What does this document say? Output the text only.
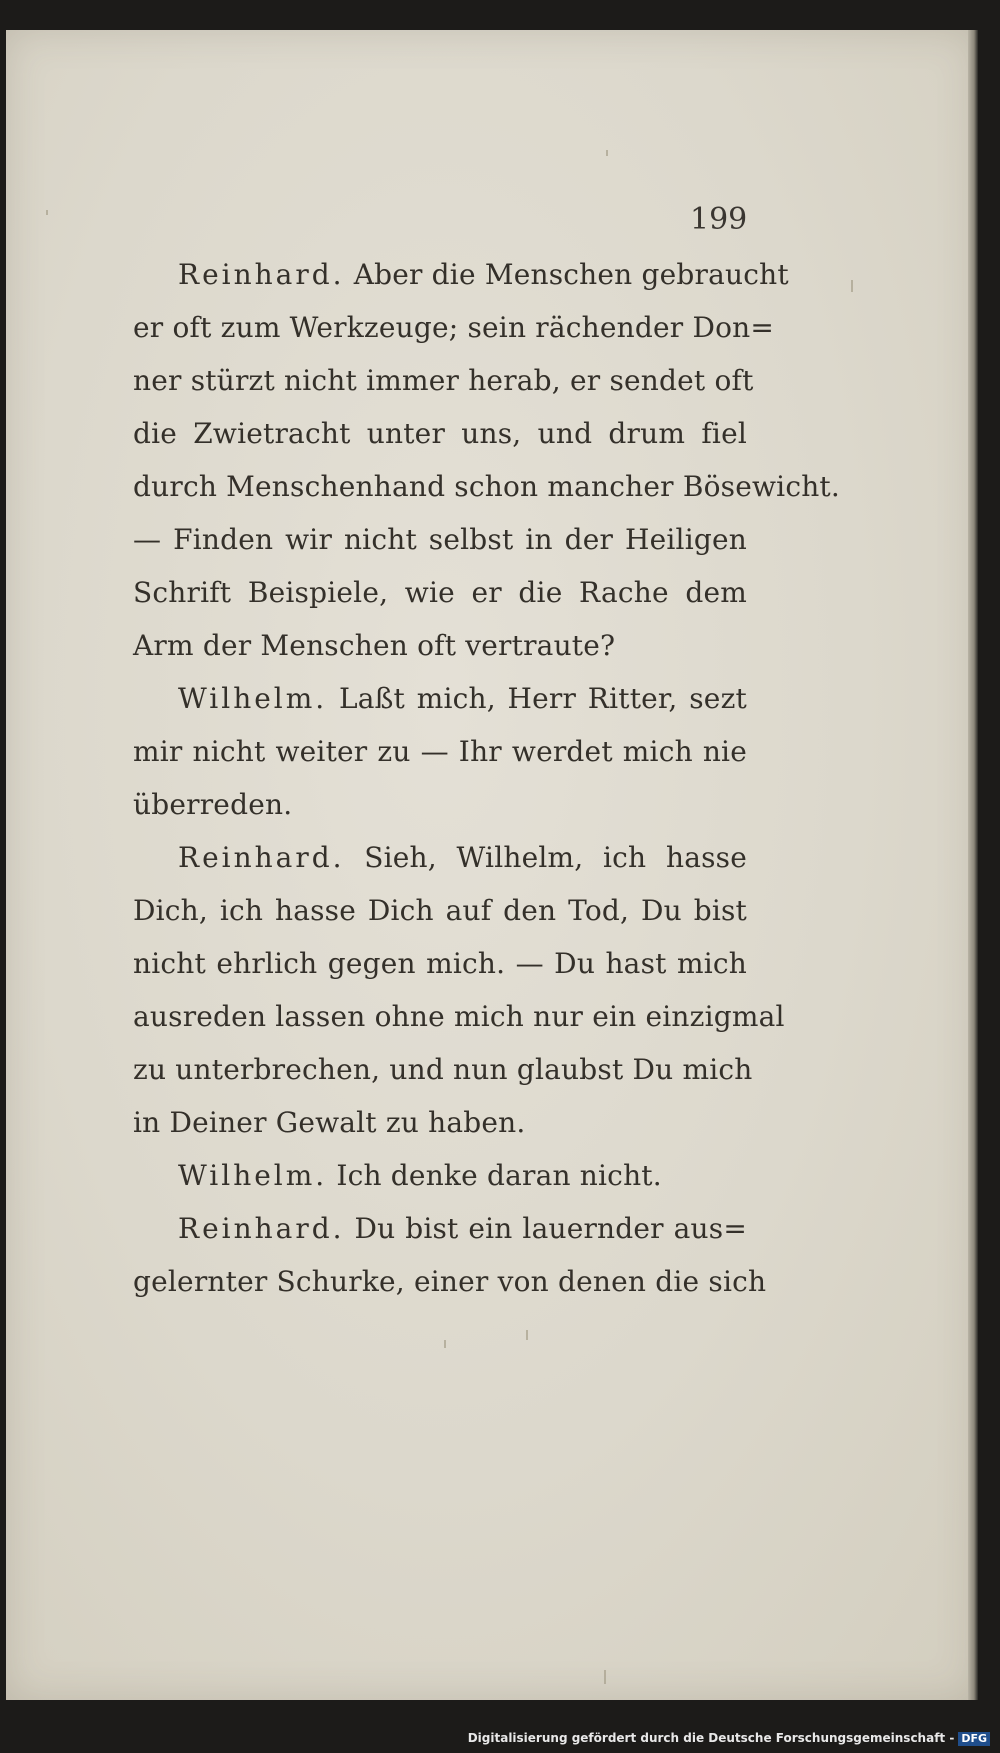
199
Reinhard. Aber die Menschen gebraucht
er oft zum Werkzeuge; sein rächender Don=
ner stürzt nicht immer herab, er sendet oft
die Zwietracht unter uns, und drum fiel
durch Menschenhand schon mancher Bösewicht.
— Finden wir nicht selbst in der Heiligen
Schrift Beispiele, wie er die Rache dem
Arm der Menschen oft vertraute?
Wilhelm. Laßt mich, Herr Ritter, sezt
mir nicht weiter zu — Ihr werdet mich nie
überreden.
Reinhard. Sieh, Wilhelm, ich hasse
Dich, ich hasse Dich auf den Tod, Du bist
nicht ehrlich gegen mich. — Du hast mich
ausreden lassen ohne mich nur ein einzigmal
zu unterbrechen, und nun glaubst Du mich
in Deiner Gewalt zu haben.
Wilhelm. Ich denke daran nicht.
Reinhard. Du bist ein lauernder aus=
gelernter Schurke, einer von denen die sich
Digitalisierung gefördert durch die Deutsche Forschungsgemeinschaft - DFG
